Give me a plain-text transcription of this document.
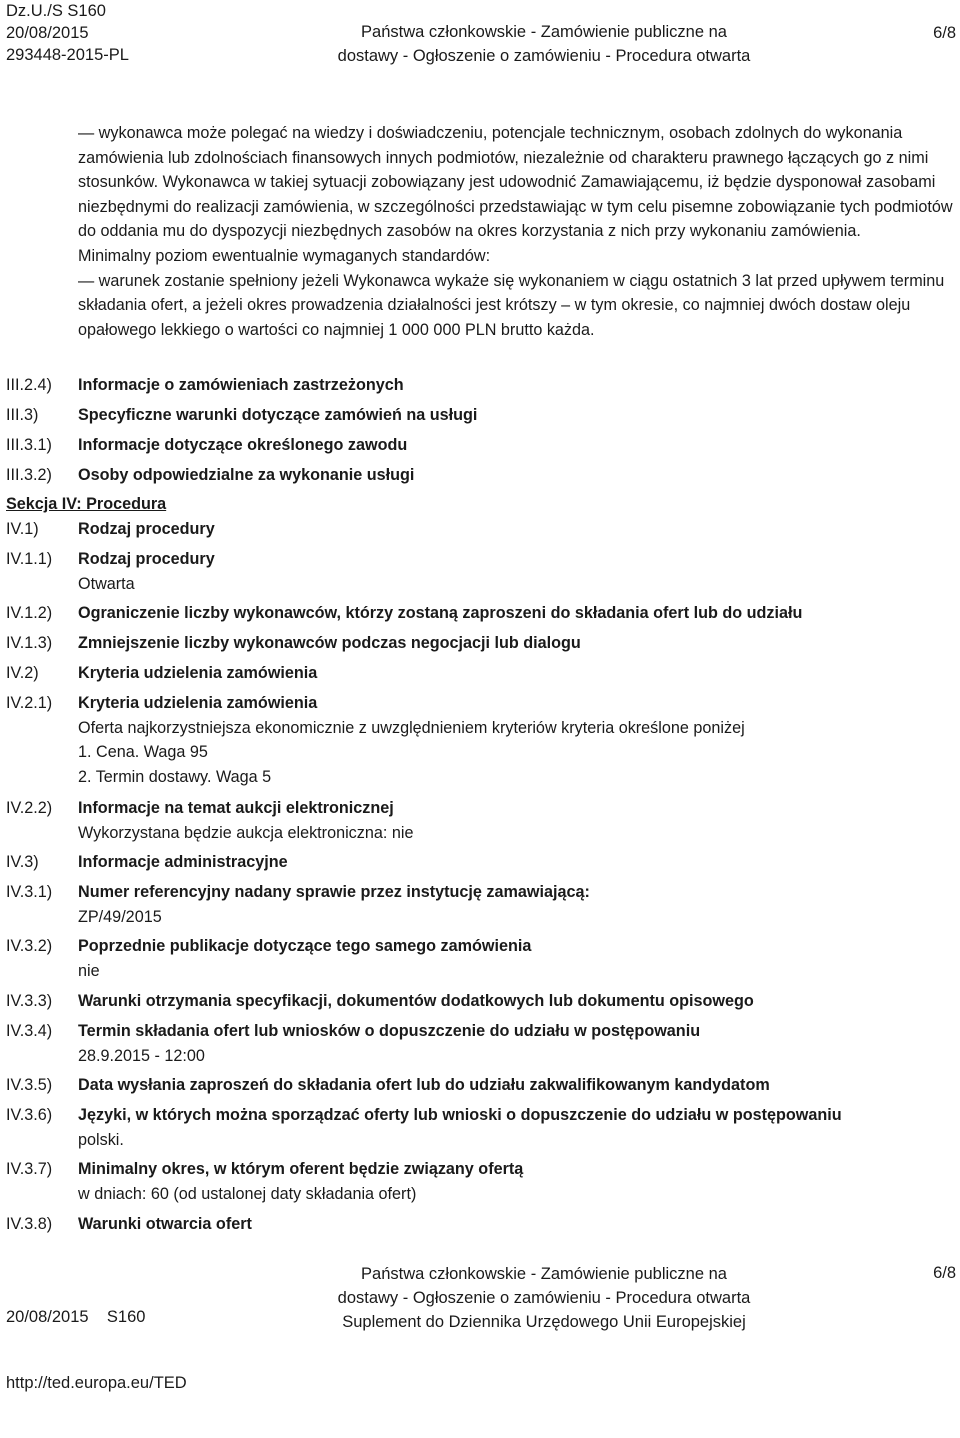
Dz.U./S S160
20/08/2015
293448-2015-PL
Państwa członkowskie - Zamówienie publiczne na
dostawy - Ogłoszenie o zamówieniu - Procedura otwarta
6/8

— wykonawca może polegać na wiedzy i doświadczeniu, potencjale technicznym, osobach zdolnych do wykonania zamówienia lub zdolnościach finansowych innych podmiotów, niezależnie od charakteru prawnego łączących go z nimi stosunków. Wykonawca w takiej sytuacji zobowiązany jest udowodnić Zamawiającemu, iż będzie dysponował zasobami niezbędnymi do realizacji zamówienia, w szczególności przedstawiając w tym celu pisemne zobowiązanie tych podmiotów do oddania mu do dyspozycji niezbędnych zasobów na okres korzystania z nich przy wykonaniu zamówienia.

Minimalny poziom ewentualnie wymaganych standardów:

— warunek zostanie spełniony jeżeli Wykonawca wykaże się wykonaniem w ciągu ostatnich 3 lat przed upływem terminu składania ofert, a jeżeli okres prowadzenia działalności jest krótszy – w tym okresie, co najmniej dwóch dostaw oleju opałowego lekkiego o wartości co najmniej 1 000 000 PLN brutto każda.

III.2.4) Informacje o zamówieniach zastrzeżonych
III.3) Specyficzne warunki dotyczące zamówień na usługi
III.3.1) Informacje dotyczące określonego zawodu
III.3.2) Osoby odpowiedzialne za wykonanie usługi
Sekcja IV: Procedura
IV.1) Rodzaj procedury
IV.1.1) Rodzaj procedury
Otwarta
IV.1.2) Ograniczenie liczby wykonawców, którzy zostaną zaproszeni do składania ofert lub do udziału
IV.1.3) Zmniejszenie liczby wykonawców podczas negocjacji lub dialogu
IV.2) Kryteria udzielenia zamówienia
IV.2.1) Kryteria udzielenia zamówienia
Oferta najkorzystniejsza ekonomicznie z uwzględnieniem kryteriów kryteria określone poniżej
1. Cena. Waga 95
2. Termin dostawy. Waga 5
IV.2.2) Informacje na temat aukcji elektronicznej
Wykorzystana będzie aukcja elektroniczna: nie
IV.3) Informacje administracyjne
IV.3.1) Numer referencyjny nadany sprawie przez instytucję zamawiającą:
ZP/49/2015
IV.3.2) Poprzednie publikacje dotyczące tego samego zamówienia
nie
IV.3.3) Warunki otrzymania specyfikacji, dokumentów dodatkowych lub dokumentu opisowego
IV.3.4) Termin składania ofert lub wniosków o dopuszczenie do udziału w postępowaniu
28.9.2015 - 12:00
IV.3.5) Data wysłania zaproszeń do składania ofert lub do udziału zakwalifikowanym kandydatom
IV.3.6) Języki, w których można sporządzać oferty lub wnioski o dopuszczenie do udziału w postępowaniu
polski.
IV.3.7) Minimalny okres, w którym oferent będzie związany ofertą
w dniach: 60 (od ustalonej daty składania ofert)
IV.3.8) Warunki otwarcia ofert

20/08/2015    S160

http://ted.europa.eu/TED

Państwa członkowskie - Zamówienie publiczne na
dostawy - Ogłoszenie o zamówieniu - Procedura otwarta
Suplement do Dziennika Urzędowego Unii Europejskiej
6/8
